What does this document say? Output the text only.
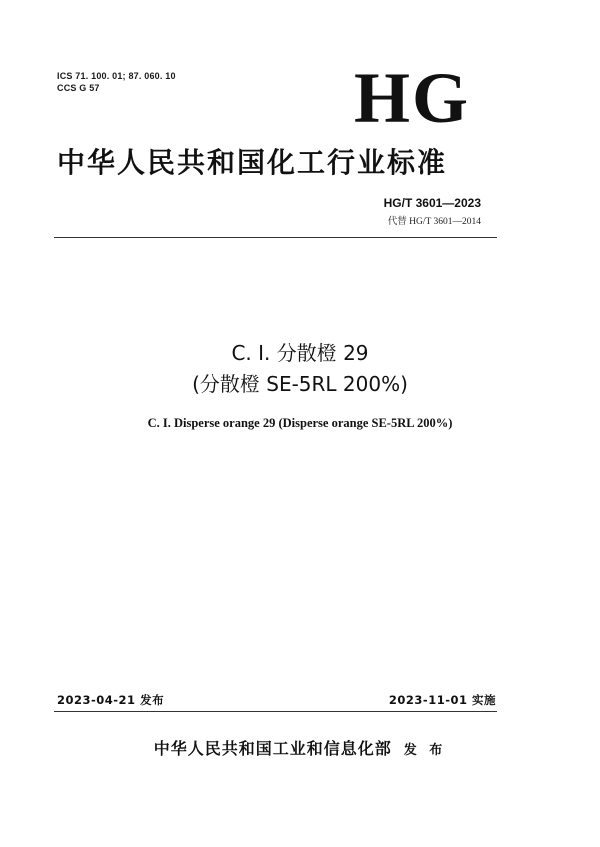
ICS 71. 100. 01; 87. 060. 10
CCS G 57	HG
中华人民共和国化工行业标准
HG/T 3601—2023
代替 HG/T 3601—2014
C. I. 分散橙 29
(分散橙 SE-5RL 200%)
C. I. Disperse orange 29 (Disperse orange SE-5RL 200%)
2023-04-21 发布	2023-11-01 实施
中华人民共和国工业和信息化部 发 布
